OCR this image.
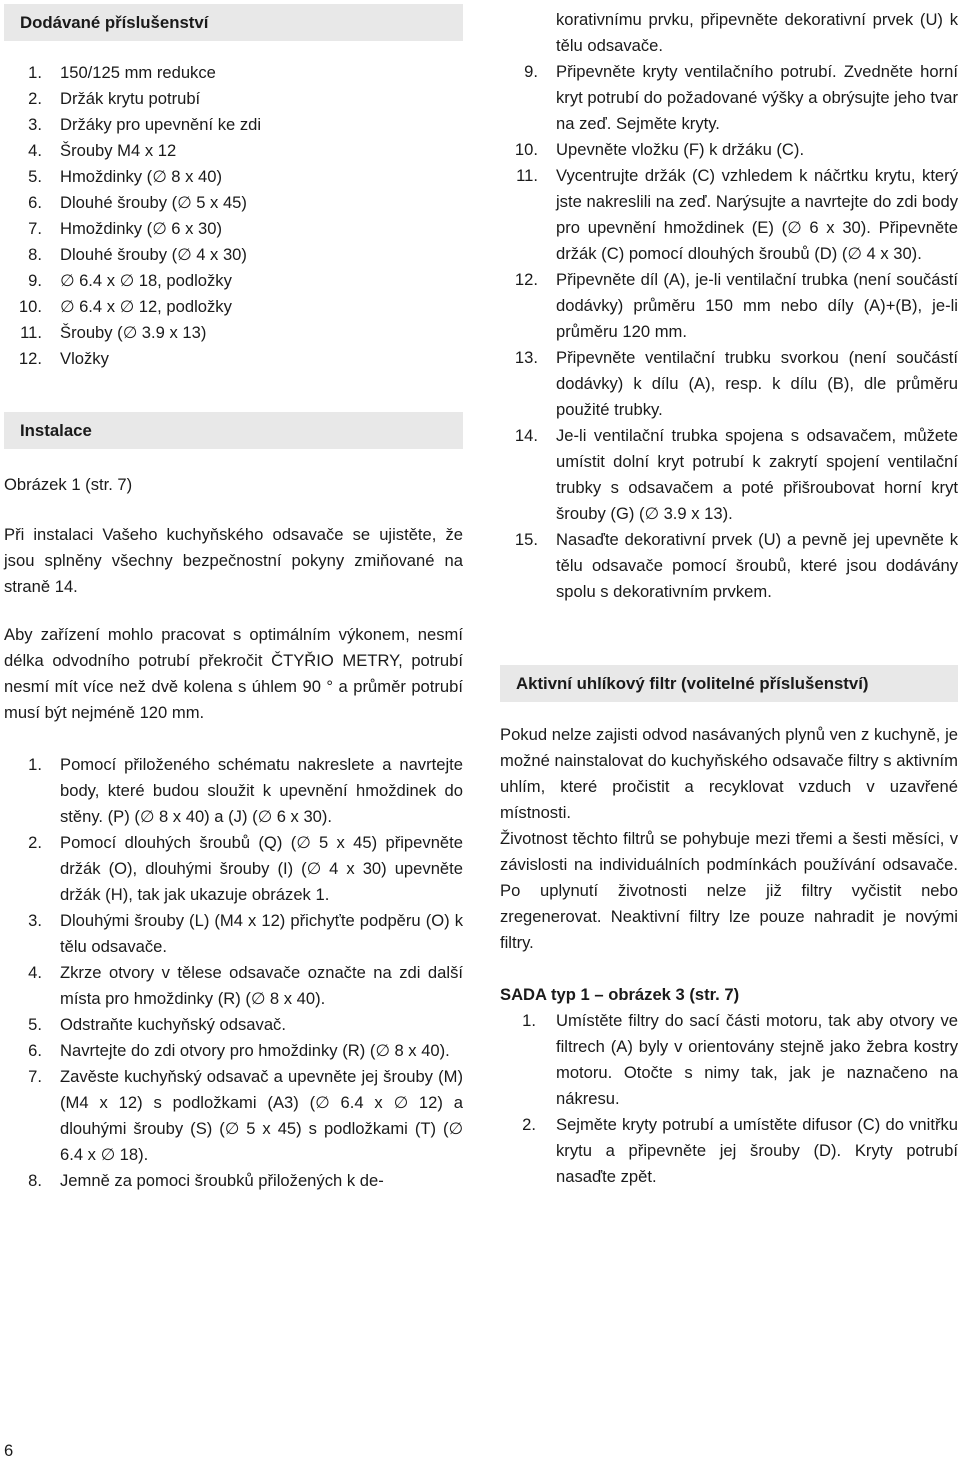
Dodávané příslušenství
1.	150/125 mm redukce
2.	Držák krytu potrubí
3.	Držáky pro upevnění ke zdi
4.	Šrouby M4 x 12
5.	Hmoždinky (∅ 8 x 40)
6.	Dlouhé šrouby (∅ 5 x 45)
7.	Hmoždinky (∅ 6 x 30)
8.	Dlouhé šrouby (∅ 4 x 30)
9.	∅ 6.4 x ∅ 18, podložky
10.	∅ 6.4 x ∅ 12, podložky
11.	Šrouby (∅ 3.9 x 13)
12.	Vložky
Instalace

Obrázek 1 (str. 7)

Při instalaci Vašeho kuchyňského odsavače se ujistěte, že jsou splněny všechny bezpečnostní pokyny zmiňované na straně 14.

Aby zařízení mohlo pracovat s optimálním výkonem, nesmí délka odvodního potrubí překročit ČTYŘIO METRY, potrubí nesmí mít více než dvě kolena s úhlem 90 ° a průměr potrubí musí být nejméně 120 mm.

1.	Pomocí přiloženého schématu nakreslete a navrtejte body, které budou sloužit k upevnění hmoždinek do stěny. (P) (∅ 8 x 40) a (J) (∅ 6 x 30).
2.	Pomocí dlouhých šroubů (Q) (∅ 5 x 45) připevněte držák (O), dlouhými šrouby (I) (∅ 4 x 30) upevněte držák (H), tak jak ukazuje obrázek 1.
3.	Dlouhými šrouby (L) (M4 x 12) přichyťte podpěru (O) k tělu odsavače.
4.	Zkrze otvory v tělese odsavače označte na zdi další místa pro hmoždinky (R) (∅ 8 x 40).
5.	Odstraňte kuchyňský odsavač.
6.	Navrtejte do zdi otvory pro hmoždinky (R) (∅ 8 x 40).
7.	Zavěste kuchyňský odsavač a upevněte jej šrouby (M) (M4 x 12) s podložkami (A3) (∅ 6.4 x ∅ 12) a dlouhými šrouby (S) (∅ 5 x 45) s podložkami (T) (∅ 6.4 x ∅ 18).
8.	Jemně za pomoci šroubků přiložených k de-

korativnímu prvku, připevněte dekorativní prvek (U) k tělu odsavače.

9.	Připevněte kryty ventilačního potrubí. Zvedněte horní kryt potrubí do požadované výšky a obrýsujte jeho tvar na zeď. Sejměte kryty.
10.	Upevněte vložku (F) k držáku (C).
11.	Vycentrujte držák (C) vzhledem k náčrtku krytu, který jste nakreslili na zeď. Narýsujte a navrtejte do zdi body pro upevnění hmoždinek (E) (∅ 6 x 30). Připevněte držák (C) pomocí dlouhých šroubů (D) (∅ 4 x 30).
12.	Připevněte díl (A), je-li ventilační trubka (není součástí dodávky) průměru 150 mm nebo díly (A)+(B), je-li průměru 120 mm.
13.	Připevněte ventilační trubku svorkou (není součástí dodávky) k dílu (A), resp. k dílu (B), dle průměru použité trubky.
14.	Je-li ventilační trubka spojena s odsavačem, můžete umístit dolní kryt potrubí k zakrytí spojení ventilační trubky s odsavačem a poté přišroubovat horní kryt šrouby (G) (∅ 3.9 x 13).
15.	Nasaďte dekorativní prvek (U) a pevně jej upevněte k tělu odsavače pomocí šroubů, které jsou dodávány spolu s dekorativním prvkem.
Aktivní uhlíkový filtr (volitelné příslušenství)

Pokud nelze zajisti odvod nasávaných plynů ven z kuchyně, je možné nainstalovat do kuchyňského odsavače filtry s aktivním uhlím, které pročistit a recyklovat vzduch v uzavřené místnosti.

Životnost těchto filtrů se pohybuje mezi třemi a šesti měsíci, v závislosti na individuálních podmínkách používání odsavače. Po uplynutí životnosti nelze již filtry vyčistit nebo zregenerovat. Neaktivní filtry lze pouze nahradit je novými filtry.

SADA typ 1 – obrázek 3 (str. 7)

1.	Umístěte filtry do sací části motoru, tak aby otvory ve filtrech (A) byly v orientovány stejně jako žebra kostry motoru. Otočte s nimy tak, jak je naznačeno na nákresu.
2.	Sejměte kryty potrubí a umístěte difusor (C) do vnitřku krytu a připevněte jej šrouby (D). Kryty potrubí nasaďte zpět.
6
